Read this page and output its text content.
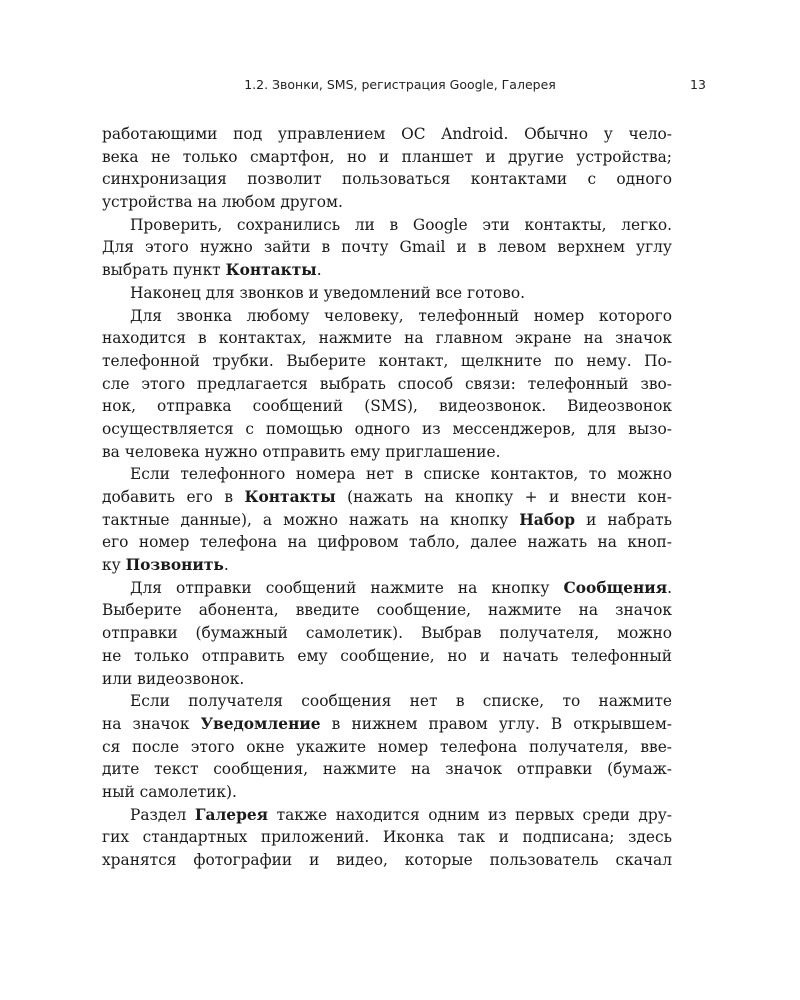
1.2. Звонки, SMS, регистрация Google, Галерея	13
работающими под управлением ОС Android. Обычно у чело-
века не только смартфон, но и планшет и другие устройства;
синхронизация позволит пользоваться контактами с одного
устройства на любом другом.
Проверить, сохранились ли в Google эти контакты, легко.
Для этого нужно зайти в почту Gmail и в левом верхнем углу
выбрать пункт Контакты.
Наконец для звонков и уведомлений все готово.
Для звонка любому человеку, телефонный номер которого
находится в контактах, нажмите на главном экране на значок
телефонной трубки. Выберите контакт, щелкните по нему. По-
сле этого предлагается выбрать способ связи: телефонный зво-
нок, отправка сообщений (SMS), видеозвонок. Видеозвонок
осуществляется с помощью одного из мессенджеров, для вызо-
ва человека нужно отправить ему приглашение.
Если телефонного номера нет в списке контактов, то можно
добавить его в Контакты (нажать на кнопку + и внести кон-
тактные данные), а можно нажать на кнопку Набор и набрать
его номер телефона на цифровом табло, далее нажать на кноп-
ку Позвонить.
Для отправки сообщений нажмите на кнопку Сообщения.
Выберите абонента, введите сообщение, нажмите на значок
отправки (бумажный самолетик). Выбрав получателя, можно
не только отправить ему сообщение, но и начать телефонный
или видеозвонок.
Если получателя сообщения нет в списке, то нажмите
на значок Уведомление в нижнем правом углу. В открывшем-
ся после этого окне укажите номер телефона получателя, вве-
дите текст сообщения, нажмите на значок отправки (бумаж-
ный самолетик).
Раздел Галерея также находится одним из первых среди дру-
гих стандартных приложений. Иконка так и подписана; здесь
хранятся фотографии и видео, которые пользователь скачал
